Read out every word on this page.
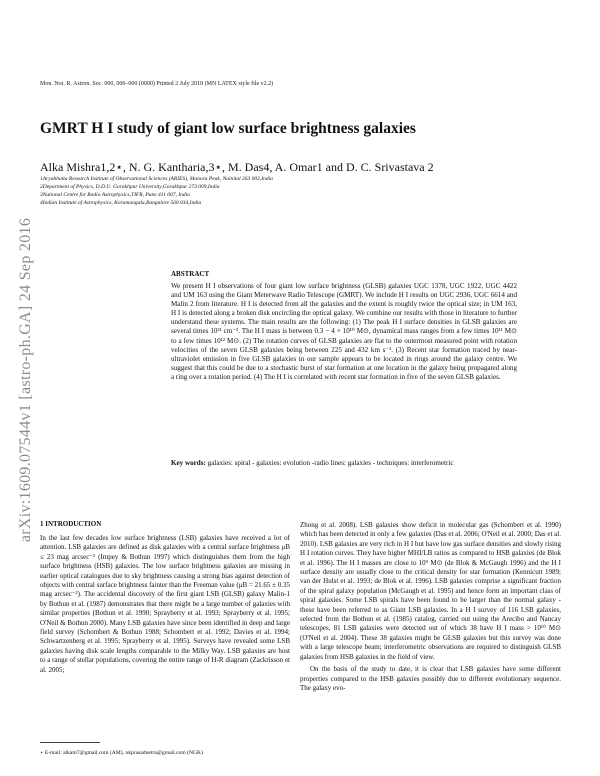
arXiv:1609.07544v1 [astro-ph.GA] 24 Sep 2016
Mon. Not. R. Astron. Soc. 000, 000–000 (0000) Printed 2 July 2018 (MN LATEX style file v2.2)
GMRT H I study of giant low surface brightness galaxies
Alka Mishra1,2⋆, N. G. Kantharia,3⋆, M. Das4, A. Omar1 and D. C. Srivastava 2
1Aryabhatta Research Institute of Observational Sciences (ARIES), Manora Peak, Nainital 263 002,India
2Department of Physics, D.D.U. Gorakhpur University,Gorakhpur 273 009,India
3National Centre for Radio Astrophysics,TIFR, Pune 411 007, India
4Indian Institute of Astrophysics, Koramangala,Bangalore 560 034,India
ABSTRACT
We present H I observations of four giant low surface brightness (GLSB) galaxies UGC 1378, UGC 1922, UGC 4422 and UM 163 using the Giant Meterwave Radio Telescope (GMRT). We include H I results on UGC 2936, UGC 6614 and Malin 2 from literature. H I is detected from all the galaxies and the extent is roughly twice the optical size; in UM 163, H I is detected along a broken disk encircling the optical galaxy. We combine our results with those in literature to further understand these systems. The main results are the following: (1) The peak H I surface densities in GLSB galaxies are several times 10²¹ cm⁻². The H I mass is between 0.3 − 4 × 10¹⁰ M⊙, dynamical mass ranges from a few times 10¹¹ M⊙ to a few times 10¹² M⊙. (2) The rotation curves of GLSB galaxies are flat to the outermost measured point with rotation velocities of the seven GLSB galaxies being between 225 and 432 km s⁻¹. (3) Recent star formation traced by near-ultraviolet emission in five GLSB galaxies in our sample appears to be located in rings around the galaxy centre. We suggest that this could be due to a stochastic burst of star formation at one location in the galaxy being propagated along a ring over a rotation period. (4) The H I is correlated with recent star formation in five of the seven GLSB galaxies.
Key words: galaxies: spiral - galaxies: evolution -radio lines: galaxies - techniques: interferometric
1 INTRODUCTION
In the last few decades low surface brightness (LSB) galaxies have received a lot of attention. LSB galaxies are defined as disk galaxies with a central surface brightness μB ≤ 23 mag arcsec⁻² (Impey & Bothun 1997) which distinguishes them from the high surface brightness (HSB) galaxies. The low surface brightness galaxies are missing in earlier optical catalogues due to sky brightness causing a strong bias against detection of objects with central surface brightness fainter than the Freeman value (μB = 21.65 ± 0.35 mag arcsec⁻²). The accidental discovery of the first giant LSB (GLSB) galaxy Malin-1 by Bothun et al. (1987) demonstrates that there might be a large number of galaxies with similar properties (Bothun et al. 1990; Sprayberry et al. 1993; Sprayberry et al. 1995; O'Neil & Bothun 2000). Many LSB galaxies have since been identified in deep and large field survey (Schombert & Bothun 1988; Schombert et al. 1992; Davies et al. 1994; Schwartzenberg et al. 1995; Sprayberry et al. 1995). Surveys have revealed some LSB galaxies having disk scale lengths comparable to the Milky Way. LSB galaxies are host to a range of stellar populations, covering the entire range of H-R diagram (Zackrisson et al. 2005;

Zhong et al. 2008). LSB galaxies show deficit in molecular gas (Schombert et al. 1990) which has been detected in only a few galaxies (Das et al. 2006; O'Neil et al. 2000; Das et al. 2010). LSB galaxies are very rich in H I but have low gas surface densities and slowly rising H I rotation curves. They have higher MHI/LB ratios as compared to HSB galaxies (de Blok et al. 1996). The H I masses are close to 10⁹ M⊙ (de Blok & McGaugh 1996) and the H I surface density are usually close to the critical density for star formation (Kennicutt 1989; van der Hulst et al. 1993; de Blok et al. 1996). LSB galaxies comprise a significant fraction of the spiral galaxy population (McGaugh et al. 1995) and hence form an important class of spiral galaxies. Some LSB spirals have been found to be larger than the normal galaxy - these have been referred to as Giant LSB galaxies. In a H I survey of 116 LSB galaxies, selected from the Bothun et al. (1985) catalog, carried out using the Arecibo and Nancay telescopes, 81 LSB galaxies were detected out of which 38 have H I mass > 10¹⁰ M⊙ (O'Neil et al. 2004). These 38 galaxies might be GLSB galaxies but this survey was done with a large telescope beam; interferometric observations are required to distinguish GLSB galaxies from HSB galaxies in the field of view.

On the basis of the study to date, it is clear that LSB galaxies have some different properties compared to the HSB galaxies possibly due to different evolutionary sequence. The galaxy evo-

⋆ E-mail: alkam7@gmail.com (AM), nkprasadnetra@gmail.com (NGK)
